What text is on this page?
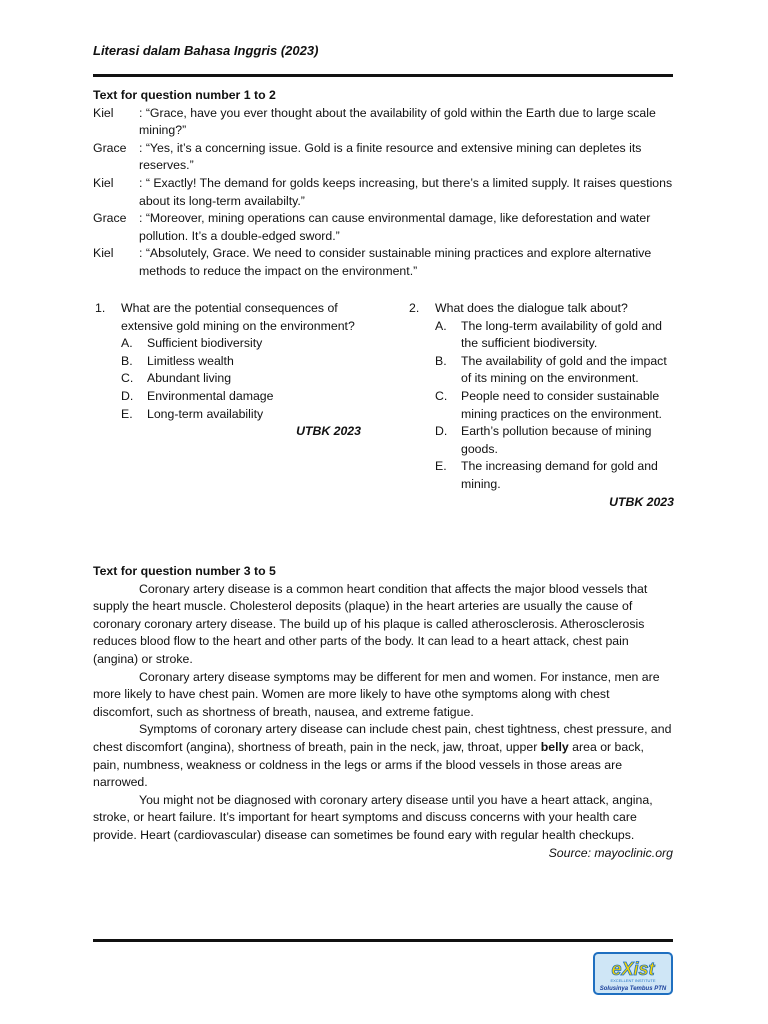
Literasi dalam Bahasa Inggris (2023)
Text for question number 1 to 2
Kiel	: “Grace, have you ever thought about the availability of gold within the Earth due to large scale mining?”
Grace	: “Yes, it’s a concerning issue. Gold is a finite resource and extensive mining can depletes its reserves.”
Kiel	: “ Exactly! The demand for golds keeps increasing, but there’s a limited supply. It raises questions about its long-term availabilty.”
Grace	: “Moreover, mining operations can cause environmental damage, like deforestation and water pollution. It’s a double-edged sword.”
Kiel	: “Absolutely, Grace. We need to consider sustainable mining practices and explore alternative methods to reduce the impact on the environment.”
1.	What are the potential consequences of extensive gold mining on the environment?
A.	Sufficient biodiversity
B.	Limitless wealth
C.	Abundant living
D.	Environmental damage
E.	Long-term availability
UTBK 2023
2.	What does the dialogue talk about?
A.	The long-term availability of gold and the sufficient biodiversity.
B.	The availability of gold and the impact of its mining on the environment.
C.	People need to consider sustainable mining practices on the environment.
D.	Earth’s pollution because of mining goods.
E.	The increasing demand for gold and mining.
UTBK 2023
Text for question number 3 to 5
Coronary artery disease is a common heart condition that affects the major blood vessels that supply the heart muscle. Cholesterol deposits (plaque) in the heart arteries are usually the cause of coronary coronary artery disease. The build up of his plaque is called atherosclerosis. Atherosclerosis reduces blood flow to the heart and other parts of the body. It can lead to a heart attack, chest pain (angina) or stroke.
Coronary artery disease symptoms may be different for men and women. For instance, men are more likely to have chest pain. Women are more likely to have othe symptoms along with chest discomfort, such as shortness of breath, nausea, and extreme fatigue.
Symptoms of coronary artery disease can include chest pain, chest tightness, chest pressure, and chest discomfort (angina), shortness of breath, pain in the neck, jaw, throat, upper belly area or back, pain, numbness, weakness or coldness in the legs or arms if the blood vessels in those areas are narrowed.
You might not be diagnosed with coronary artery disease until you have a heart attack, angina, stroke, or heart failure. It’s important for heart symptoms and discuss concerns with your health care provide. Heart (cardiovascular) disease can sometimes be found eary with regular health checkups.
Source: mayoclinic.org
eXist
EXCELLENT INSTITUTE
Solusinya Tembus PTN
